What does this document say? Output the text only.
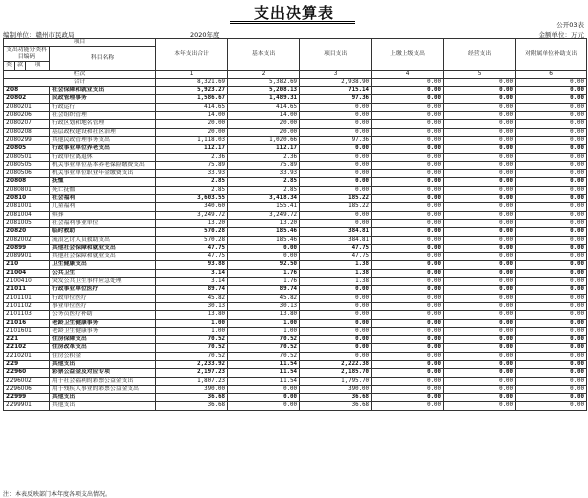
支出决算表
公开03表
编制单位：赣州市民政局	2020年度	金额单位：万元
项目				本年支出合计	基本支出	项目支出	上缴上级支出	经营支出	对附属单位补助支出
支出功能分类科目编码			科目名称						

类	款	项							
栏次				1	2	3	4	5	6
合计				8,321.69	5,382.69	2,938.90	0.00	0.00	0.00
208			社会保障和就业支出	5,923.27	5,208.13	715.14	0.00	0.00	0.00
20802			民政管理事务	1,586.67	1,489.31	97.36	0.00	0.00	0.00
2080201			行政运行	414.65	414.65	0.00	0.00	0.00	0.00
2080206			社会组织管理	14.00	14.00	0.00	0.00	0.00	0.00
2080207			行政区划和地名管理	20.00	20.00	0.00	0.00	0.00	0.00
2080208			基层政权建设和社区治理	20.00	20.00	0.00	0.00	0.00	0.00
2080299			其他民政管理事务支出	1,118.03	1,020.66	97.36	0.00	0.00	0.00
20805			行政事业单位养老支出	112.17	112.17	0.00	0.00	0.00	0.00
2080501			行政单位离退休	2.36	2.36	0.00	0.00	0.00	0.00
2080505			机关事业单位基本养老保险缴费支出	75.89	75.89	0.00	0.00	0.00	0.00
2080506			机关事业单位职业年金缴费支出	33.93	33.93	0.00	0.00	0.00	0.00
20808			抚恤	2.85	2.85	0.00	0.00	0.00	0.00
2080801			死亡抚恤	2.85	2.85	0.00	0.00	0.00	0.00
20810			社会福利	3,603.55	3,418.34	185.22	0.00	0.00	0.00
2081001			儿童福利	340.60	155.41	185.22	0.00	0.00	0.00
2081004			殡葬	3,249.72	3,249.72	0.00	0.00	0.00	0.00
2081005			社会福利事业单位	13.20	13.20	0.00	0.00	0.00	0.00
20820			临时救助	570.28	185.46	384.81	0.00	0.00	0.00
2082002			流浪乞讨人员救助支出	570.28	185.46	384.81	0.00	0.00	0.00
20899			其他社会保障和就业支出	47.75	0.00	47.75	0.00	0.00	0.00
2089901			其他社会保障和就业支出	47.75	0.00	47.75	0.00	0.00	0.00
210			卫生健康支出	93.88	92.50	1.38	0.00	0.00	0.00
21004			公共卫生	3.14	1.76	1.38	0.00	0.00	0.00
2100410			突发公共卫生事件应急处理	3.14	1.76	1.38	0.00	0.00	0.00
21011			行政事业单位医疗	89.74	89.74	0.00	0.00	0.00	0.00
2101101			行政单位医疗	45.82	45.82	0.00	0.00	0.00	0.00
2101102			事业单位医疗	30.13	30.13	0.00	0.00	0.00	0.00
2101103			公务员医疗补助	13.80	13.80	0.00	0.00	0.00	0.00
21016			老龄卫生健康事务	1.00	1.00	0.00	0.00	0.00	0.00
2101601			老龄卫生健康事务	1.00	1.00	0.00	0.00	0.00	0.00
221			住房保障支出	70.52	70.52	0.00	0.00	0.00	0.00
22102			住房改革支出	70.52	70.52	0.00	0.00	0.00	0.00
2210201			住房公积金	70.52	70.52	0.00	0.00	0.00	0.00
229			其他支出	2,233.92	11.54	2,222.38	0.00	0.00	0.00
22960			彩票公益金及对应专项	2,197.23	11.54	2,185.70	0.00	0.00	0.00
2296002			用于社会福利的彩票公益金支出	1,807.23	11.54	1,795.70	0.00	0.00	0.00
2296006			用于残疾人事业的彩票公益金支出	390.00	0.00	390.00	0.00	0.00	0.00
22999			其他支出	36.68	0.00	36.68	0.00	0.00	0.00
2299901			其他支出	36.68	0.00	36.68	0.00	0.00	0.00
注：本表反映部门本年度各项支出情况。
